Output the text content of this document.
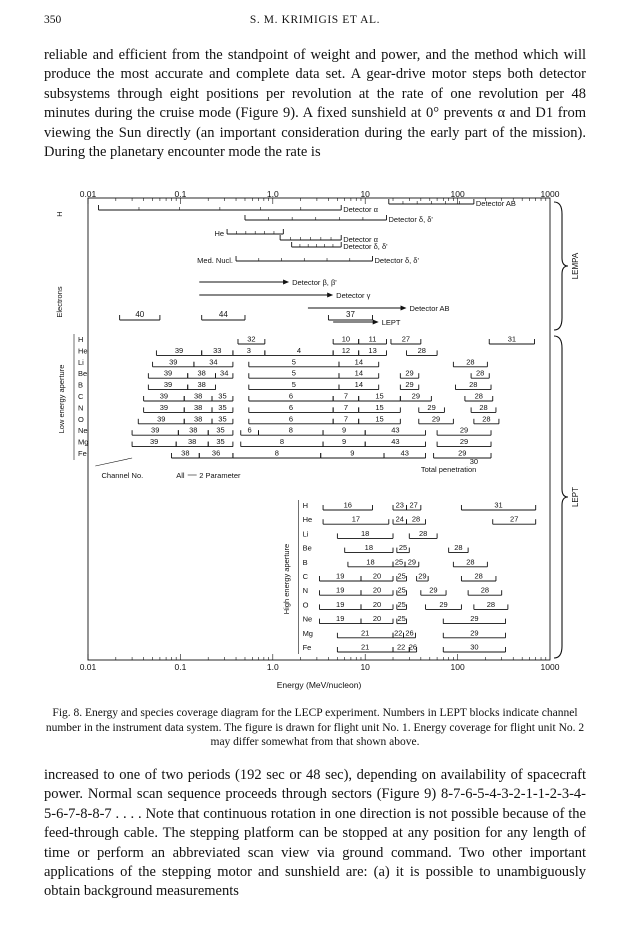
350	S. M. KRIMIGIS ET AL.

reliable and efficient from the standpoint of weight and power, and the method which will produce the most accurate and complete data set. A gear-drive motor steps both detector subsystems through eight positions per revolution at the rate of one revolution per 48 minutes during the cruise mode (Figure 9). A fixed sunshield at 0° prevents α and D1 from viewing the Sun directly (an important consideration during the early part of the mission). During the planetary encounter mode the rate is

0.01
0.01
0.1
0.1
1.0
1.0
10
10
100
100
1000
1000
Energy (MeV/nucleon)
Detector α
Detector δ, δ'
Detector AB
He
Detector α
Detector δ, δ'
Med. Nucl.	Detector δ, δ'
Detector β, β'
Detector γ
Detector AB
LEPT
40	44	37
H	32	10 11	27	31
He	39	33	3	4	12 13	28
Li	39	34	5	14	28
Be	39	38 34	5	14	29	28
B	39	38	5	14	29	28
C	39	38 35	6	7	15	29	28
N	39	38 35	6	7	15	29	28
O	39	38 35	6	7	15	29	28
Ne	39	38	35	6	8	9	43	29
Mg	39	38	35	8	9	43	29
Fe	38	36	8	9	43	29
H	16	23 27	31
He	17	24 28	27
Li	18	28
Be	18	25	28
B	18	25 29	28
C	19	20 25 29	28
N	19	20 25	29	28
O	19	20 25	29	28
Ne	19	20 25	29
Mg	21	22 26	29
Fe	21	22 26	30
H
Electrons
Low energy aperture
Channel No.	All 2 Parameter
30
Total penetration
High energy aperture
LEMPA
LEPT

Fig. 8. Energy and species coverage diagram for the LECP experiment. Numbers in LEPT blocks indicate channel number in the instrument data system. The figure is drawn for flight unit No. 1. Energy coverage for flight unit No. 2 may differ somewhat from that shown above.

increased to one of two periods (192 sec or 48 sec), depending on availability of spacecraft power. Normal scan sequence proceeds through sectors (Figure 9) 8-7-6-5-4-3-2-1-1-2-3-4-5-6-7-8-8-7 . . . . Note that continuous rotation in one direction is not possible because of the feed-through cable. The stepping platform can be stopped at any position for any length of time or perform an abbreviated scan view via ground command. Two other important applications of the stepping motor and sunshield are: (a) it is possible to unambiguously obtain background measurements
